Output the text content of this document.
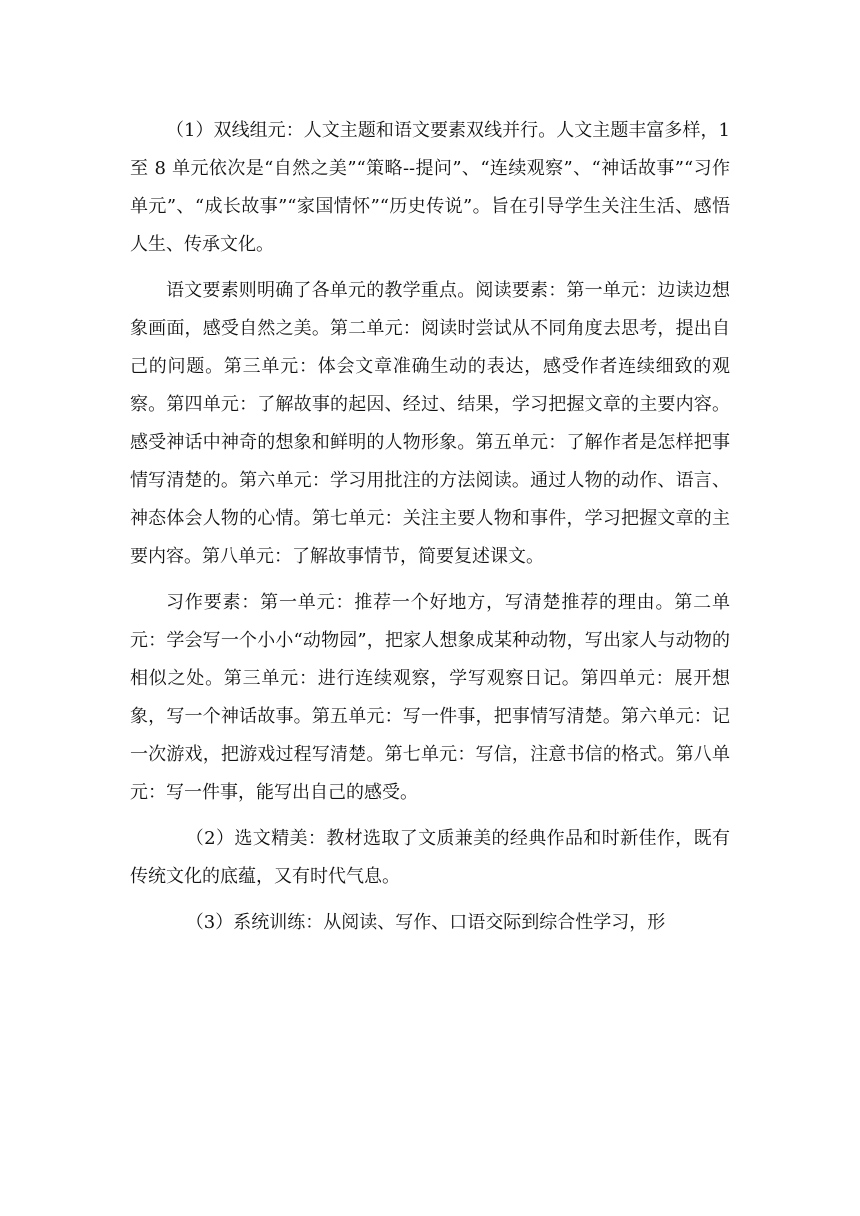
（1）双线组元：人文主题和语文要素双线并行。人文主题丰富多样，1 至 8 单元依次是“自然之美”“策略--提问”、“连续观察”、“神话故事”“习作单元”、“成长故事”“家国情怀”“历史传说”。旨在引导学生关注生活、感悟人生、传承文化。

语文要素则明确了各单元的教学重点。阅读要素：第一单元：边读边想象画面，感受自然之美。第二单元：阅读时尝试从不同角度去思考，提出自己的问题。第三单元：体会文章准确生动的表达，感受作者连续细致的观察。第四单元：了解故事的起因、经过、结果，学习把握文章的主要内容。感受神话中神奇的想象和鲜明的人物形象。第五单元：了解作者是怎样把事情写清楚的。第六单元：学习用批注的方法阅读。通过人物的动作、语言、神态体会人物的心情。第七单元：关注主要人物和事件，学习把握文章的主要内容。第八单元：了解故事情节，简要复述课文。

习作要素：第一单元：推荐一个好地方，写清楚推荐的理由。第二单元：学会写一个小小“动物园”，把家人想象成某种动物，写出家人与动物的相似之处。第三单元：进行连续观察，学写观察日记。第四单元：展开想象，写一个神话故事。第五单元：写一件事，把事情写清楚。第六单元：记一次游戏，把游戏过程写清楚。第七单元：写信，注意书信的格式。第八单元：写一件事，能写出自己的感受。

（2）选文精美：教材选取了文质兼美的经典作品和时新佳作，既有传统文化的底蕴，又有时代气息。

（3）系统训练：从阅读、写作、口语交际到综合性学习，形
